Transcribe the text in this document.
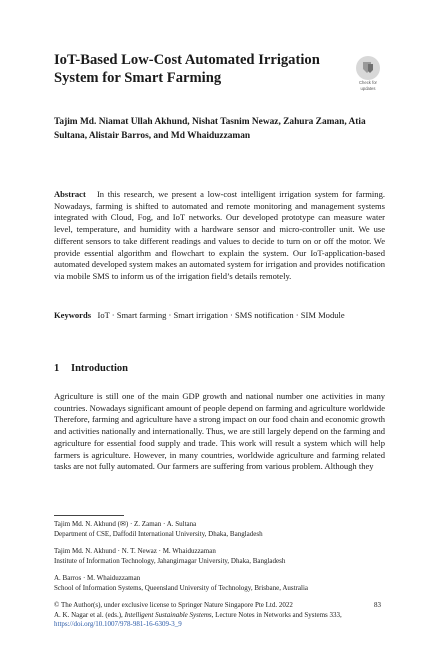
IoT-Based Low-Cost Automated Irrigation System for Smart Farming	Check for
updates
Tajim Md. Niamat Ullah Akhund, Nishat Tasnim Newaz, Zahura Zaman, Atia Sultana, Alistair Barros, and Md Whaiduzzaman
Abstract In this research, we present a low-cost intelligent irrigation system for farming. Nowadays, farming is shifted to automated and remote monitoring and management systems integrated with Cloud, Fog, and IoT networks. Our developed prototype can measure water level, temperature, and humidity with a hardware sensor and micro-controller unit. We use different sensors to take different readings and values to decide to turn on or off the motor. We provide essential algorithm and flowchart to explain the system. Our IoT-application-based automated developed system makes an automated system for irrigation and provides notification via mobile SMS to inform us of the irrigation field’s details remotely.
Keywords IoT · Smart farming · Smart irrigation · SMS notification · SIM Module
1 Introduction
Agriculture is still one of the main GDP growth and national number one activities in many countries. Nowadays significant amount of people depend on farming and agriculture worldwide Therefore, farming and agriculture have a strong impact on our food chain and economic growth and activities nationally and internationally. Thus, we are still largely depend on the farming and agriculture for essential food supply and trade. This work will result a system which will help farmers is agriculture. However, in many countries, worldwide agriculture and farming related tasks are not fully automated. Our farmers are suffering from various problem. Although they
Tajim Md. N. Akhund (✉) · Z. Zaman · A. Sultana
Department of CSE, Daffodil International University, Dhaka, Bangladesh
Tajim Md. N. Akhund · N. T. Newaz · M. Whaiduzzaman
Institute of Information Technology, Jahangirnagar University, Dhaka, Bangladesh
A. Barros · M. Whaiduzzaman
School of Information Systems, Queensland University of Technology, Brisbane, Australia
© The Author(s), under exclusive license to Springer Nature Singapore Pte Ltd. 2022
A. K. Nagar et al. (eds.), Intelligent Sustainable Systems, Lecture Notes in Networks and Systems 333, https://doi.org/10.1007/978-981-16-6309-3_9
83
